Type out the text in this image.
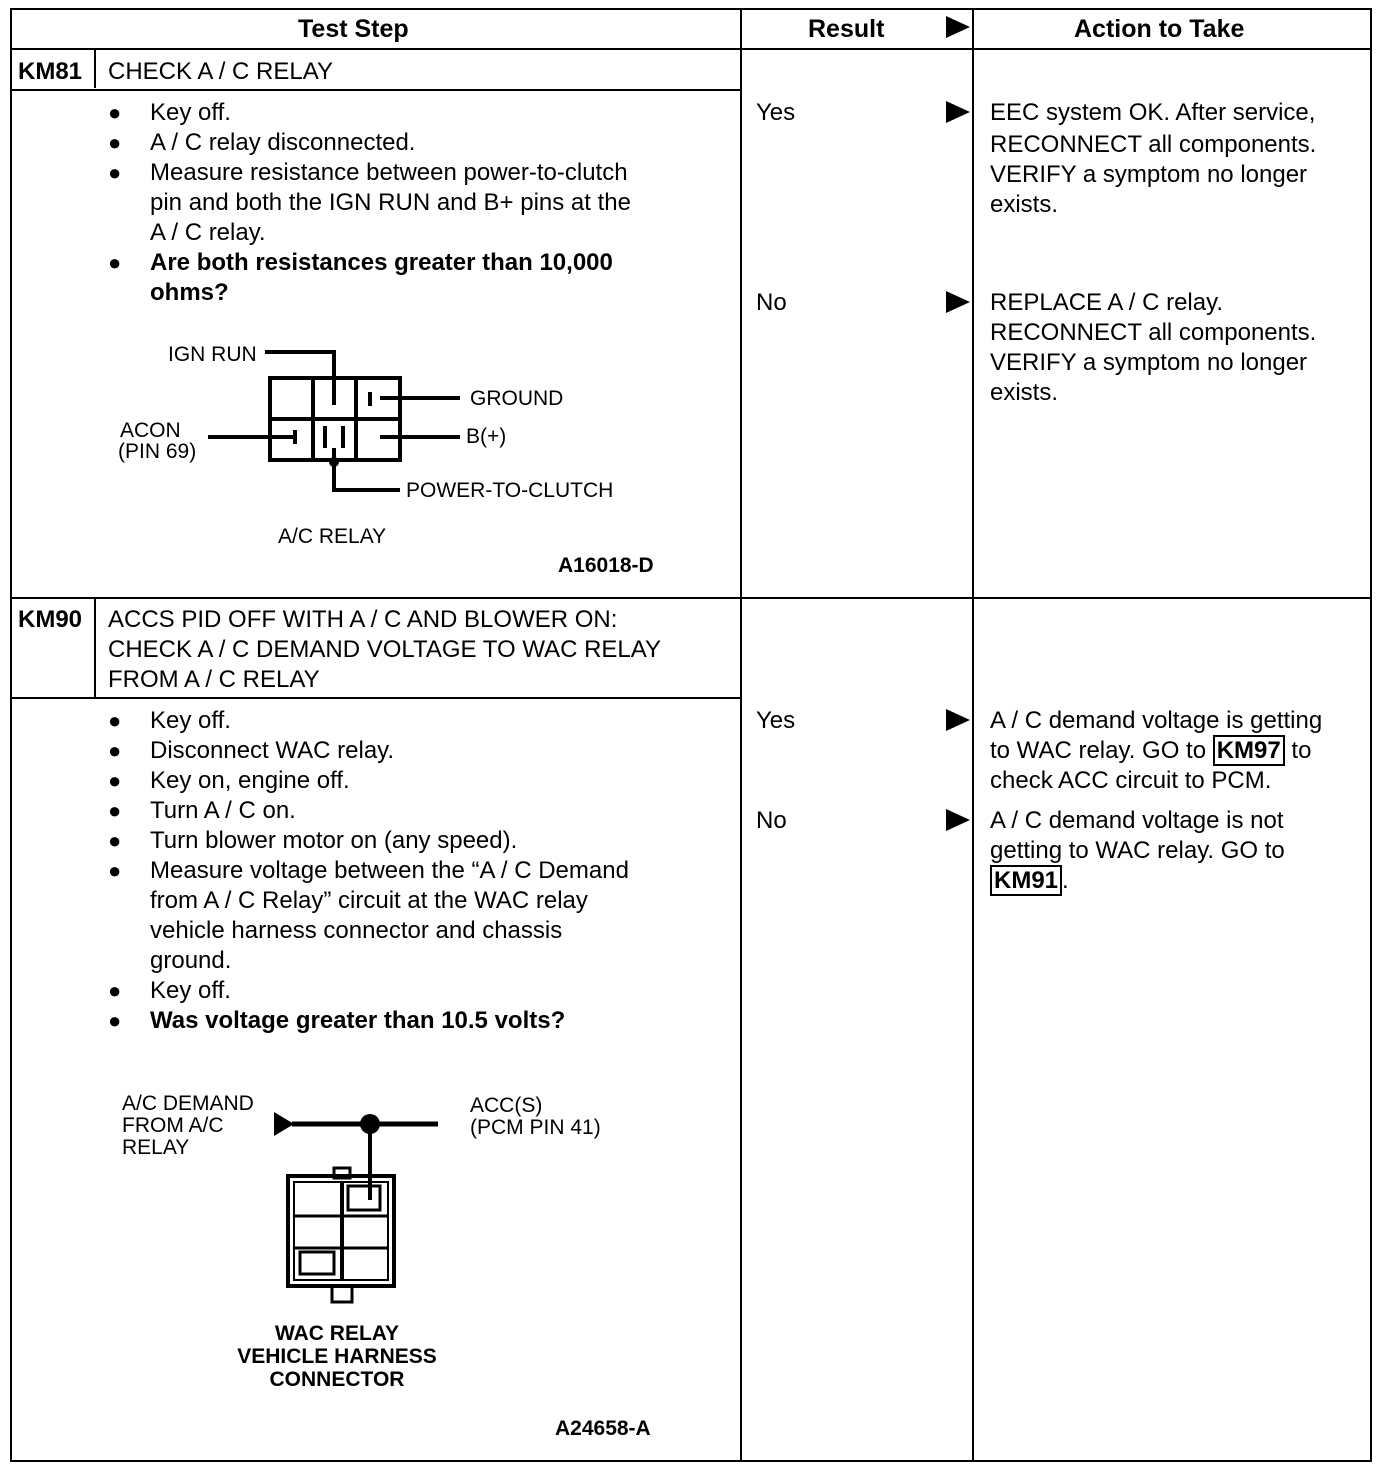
Test Step	Result	Action to Take
KM81 CHECK A / C RELAY
● Key off.
● A / C relay disconnected.
● Measure resistance between power-to-clutch
pin and both the IGN RUN and B+ pins at the
A / C relay.
● Are both resistances greater than 10,000
ohms?
IGN RUN
GROUND
ACON
(PIN 69)
B(+)
POWER-TO-CLUTCH
A/C RELAY
A16018-D
Yes
No
EEC system OK. After service,
RECONNECT all components.
VERIFY a symptom no longer
exists.
REPLACE A / C relay.
RECONNECT all components.
VERIFY a symptom no longer
exists.
KM90 ACCS PID OFF WITH A / C AND BLOWER ON:
CHECK A / C DEMAND VOLTAGE TO WAC RELAY
FROM A / C RELAY
● Key off.
● Disconnect WAC relay.
● Key on, engine off.
● Turn A / C on.
● Turn blower motor on (any speed).
● Measure voltage between the “A / C Demand
from A / C Relay” circuit at the WAC relay
vehicle harness connector and chassis
ground.
● Key off.
● Was voltage greater than 10.5 volts?
A/C DEMAND
FROM A/C
RELAY
ACC(S)
(PCM PIN 41)
WAC RELAY
VEHICLE HARNESS
CONNECTOR
A24658-A
Yes
No
A / C demand voltage is getting
to WAC relay. GO to KM97 to
check ACC circuit to PCM.
A / C demand voltage is not
getting to WAC relay. GO to
KM91 .
